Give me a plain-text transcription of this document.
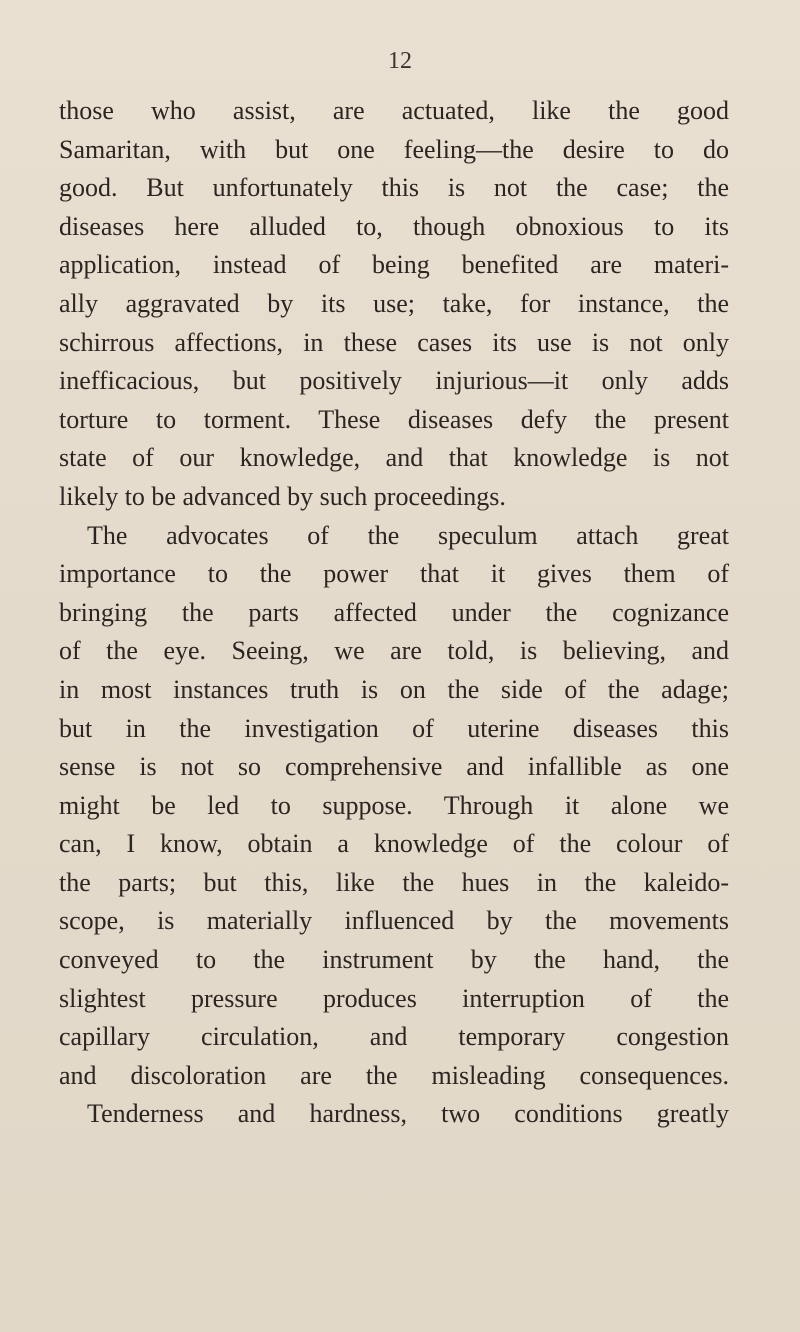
12
those who assist, are actuated, like the good
Samaritan, with but one feeling—the desire to do
good. But unfortunately this is not the case; the
diseases here alluded to, though obnoxious to its
application, instead of being benefited are materi-
ally aggravated by its use; take, for instance, the
schirrous affections, in these cases its use is not only
inefficacious, but positively injurious—it only adds
torture to torment. These diseases defy the present
state of our knowledge, and that knowledge is not
likely to be advanced by such proceedings.
The advocates of the speculum attach great
importance to the power that it gives them of
bringing the parts affected under the cognizance
of the eye. Seeing, we are told, is believing, and
in most instances truth is on the side of the adage;
but in the investigation of uterine diseases this
sense is not so comprehensive and infallible as one
might be led to suppose. Through it alone we
can, I know, obtain a knowledge of the colour of
the parts; but this, like the hues in the kaleido-
scope, is materially influenced by the movements
conveyed to the instrument by the hand, the
slightest pressure produces interruption of the
capillary circulation, and temporary congestion
and discoloration are the misleading consequences.
Tenderness and hardness, two conditions greatly
